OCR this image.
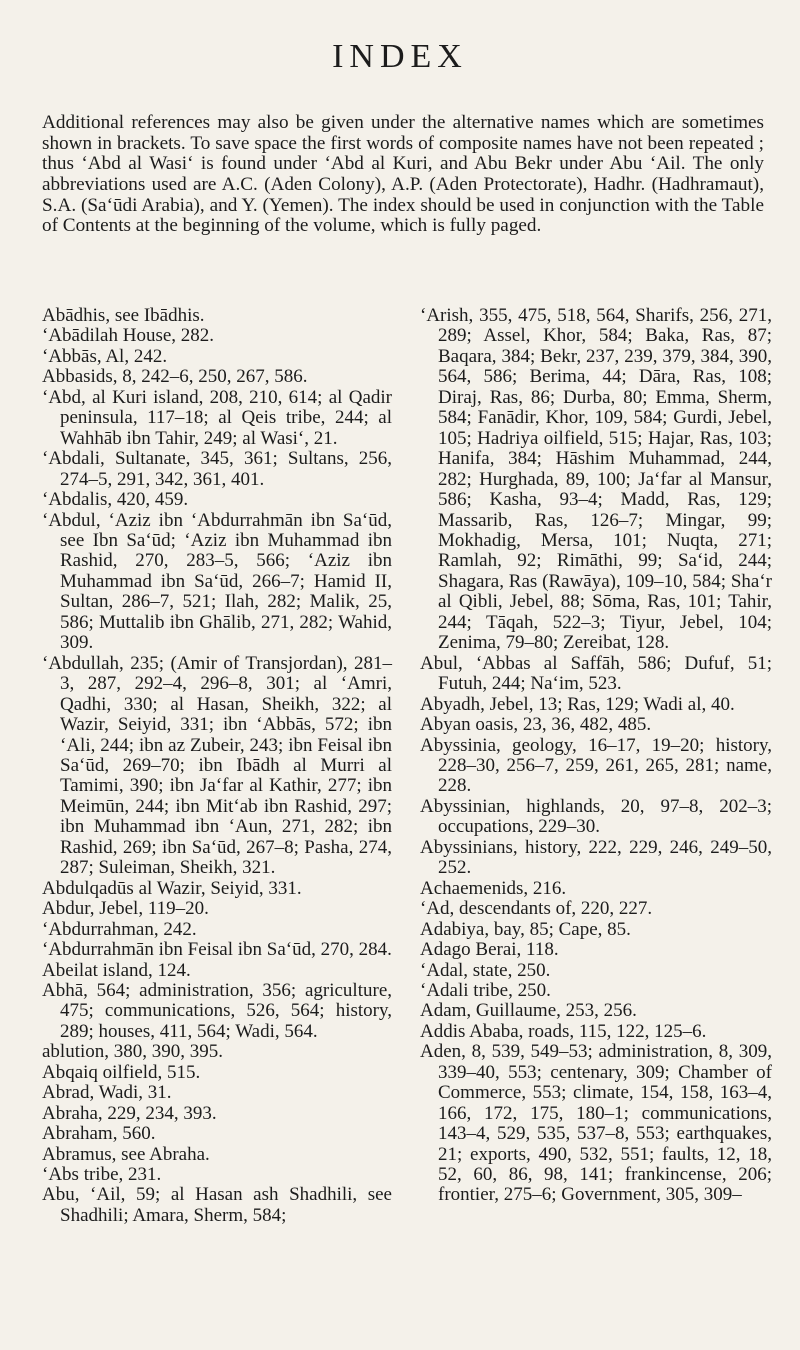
INDEX

Additional references may also be given under the alternative names which are sometimes shown in brackets. To save space the first words of composite names have not been repeated ; thus ‘Abd al Wasi‘ is found under ‘Abd al Kuri, and Abu Bekr under Abu ‘Ail. The only abbreviations used are A.C. (Aden Colony), A.P. (Aden Protectorate), Hadhr. (Hadhramaut), S.A. (Sa‘ūdi Arabia), and Y. (Yemen). The index should be used in conjunction with the Table of Contents at the beginning of the volume, which is fully paged.

Abādhis, see Ibādhis.

‘Abādilah House, 282.

‘Abbās, Al, 242.

Abbasids, 8, 242–6, 250, 267, 586.

‘Abd, al Kuri island, 208, 210, 614; al Qadir peninsula, 117–18; al Qeis tribe, 244; al Wahhāb ibn Tahir, 249; al Wasi‘, 21.

‘Abdali, Sultanate, 345, 361; Sultans, 256, 274–5, 291, 342, 361, 401.

‘Abdalis, 420, 459.

‘Abdul, ‘Aziz ibn ‘Abdurrahmān ibn Sa‘ūd, see Ibn Sa‘ūd; ‘Aziz ibn Muhammad ibn Rashid, 270, 283–5, 566; ‘Aziz ibn Muhammad ibn Sa‘ūd, 266–7; Hamid II, Sultan, 286–7, 521; Ilah, 282; Malik, 25, 586; Muttalib ibn Ghālib, 271, 282; Wahid, 309.

‘Abdullah, 235; (Amir of Transjordan), 281–3, 287, 292–4, 296–8, 301; al ‘Amri, Qadhi, 330; al Hasan, Sheikh, 322; al Wazir, Seiyid, 331; ibn ‘Abbās, 572; ibn ‘Ali, 244; ibn az Zubeir, 243; ibn Feisal ibn Sa‘ūd, 269–70; ibn Ibādh al Murri al Tamimi, 390; ibn Ja‘far al Kathir, 277; ibn Meimūn, 244; ibn Mit‘ab ibn Rashid, 297; ibn Muhammad ibn ‘Aun, 271, 282; ibn Rashid, 269; ibn Sa‘ūd, 267–8; Pasha, 274, 287; Suleiman, Sheikh, 321.

Abdulqadūs al Wazir, Seiyid, 331.

Abdur, Jebel, 119–20.

‘Abdurrahman, 242.

‘Abdurrahmān ibn Feisal ibn Sa‘ūd, 270, 284.

Abeilat island, 124.

Abhā, 564; administration, 356; agriculture, 475; communications, 526, 564; history, 289; houses, 411, 564; Wadi, 564.

ablution, 380, 390, 395.

Abqaiq oilfield, 515.

Abrad, Wadi, 31.

Abraha, 229, 234, 393.

Abraham, 560.

Abramus, see Abraha.

‘Abs tribe, 231.

Abu, ‘Ail, 59; al Hasan ash Shadhili, see Shadhili; Amara, Sherm, 584;

‘Arish, 355, 475, 518, 564, Sharifs, 256, 271, 289; Assel, Khor, 584; Baka, Ras, 87; Baqara, 384; Bekr, 237, 239, 379, 384, 390, 564, 586; Berima, 44; Dāra, Ras, 108; Diraj, Ras, 86; Durba, 80; Emma, Sherm, 584; Fanādir, Khor, 109, 584; Gurdi, Jebel, 105; Hadriya oilfield, 515; Hajar, Ras, 103; Hanifa, 384; Hāshim Muhammad, 244, 282; Hurghada, 89, 100; Ja‘far al Mansur, 586; Kasha, 93–4; Madd, Ras, 129; Massarib, Ras, 126–7; Mingar, 99; Mokhadig, Mersa, 101; Nuqta, 271; Ramlah, 92; Rimāthi, 99; Sa‘id, 244; Shagara, Ras (Rawāya), 109–10, 584; Sha‘r al Qibli, Jebel, 88; Sōma, Ras, 101; Tahir, 244; Tāqah, 522–3; Tiyur, Jebel, 104; Zenima, 79–80; Zereibat, 128.

Abul, ‘Abbas al Saffāh, 586; Dufuf, 51; Futuh, 244; Na‘im, 523.

Abyadh, Jebel, 13; Ras, 129; Wadi al, 40.

Abyan oasis, 23, 36, 482, 485.

Abyssinia, geology, 16–17, 19–20; history, 228–30, 256–7, 259, 261, 265, 281; name, 228.

Abyssinian, highlands, 20, 97–8, 202–3; occupations, 229–30.

Abyssinians, history, 222, 229, 246, 249–50, 252.

Achaemenids, 216.

‘Ad, descendants of, 220, 227.

Adabiya, bay, 85; Cape, 85.

Adago Berai, 118.

‘Adal, state, 250.

‘Adali tribe, 250.

Adam, Guillaume, 253, 256.

Addis Ababa, roads, 115, 122, 125–6.

Aden, 8, 539, 549–53; administration, 8, 309, 339–40, 553; centenary, 309; Chamber of Commerce, 553; climate, 154, 158, 163–4, 166, 172, 175, 180–1; communications, 143–4, 529, 535, 537–8, 553; earthquakes, 21; exports, 490, 532, 551; faults, 12, 18, 52, 60, 86, 98, 141; frankincense, 206; frontier, 275–6; Government, 305, 309–
